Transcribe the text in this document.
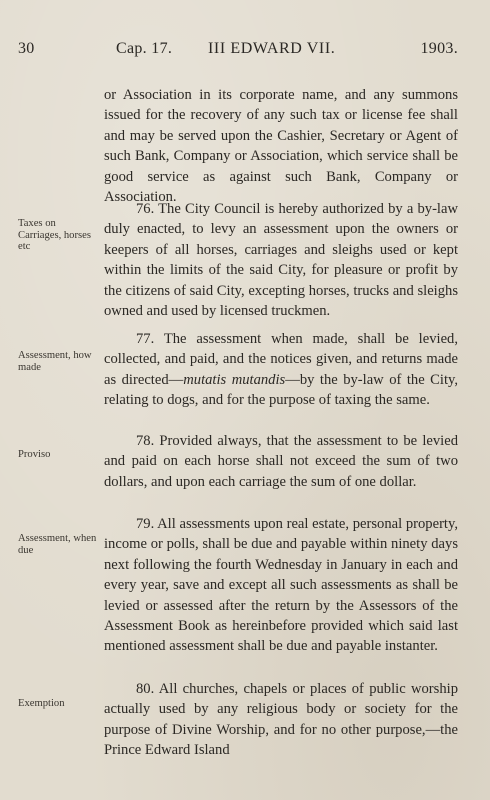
30	Cap. 17. III EDWARD VII.	1903.

or Association in its corporate name, and any summons issued for the recovery of any such tax or license fee shall and may be served upon the Cashier, Secretary or Agent of such Bank, Company or Association, which service shall be good service as against such Bank, Company or Association.

Taxes on Carriages, horses etc

76. The City Council is hereby authorized by a by-law duly enacted, to levy an assessment upon the owners or keepers of all horses, carriages and sleighs used or kept within the limits of the said City, for pleasure or profit by the citizens of said City, excepting horses, trucks and sleighs owned and used by licensed truckmen.

Assessment, how made

77. The assessment when made, shall be levied, collected, and paid, and the notices given, and returns made as directed—mutatis mutandis—by the by-law of the City, relating to dogs, and for the purpose of taxing the same.

Proviso

78. Provided always, that the assessment to be levied and paid on each horse shall not exceed the sum of two dollars, and upon each carriage the sum of one dollar.

Assessment, when due

79. All assessments upon real estate, personal property, income or polls, shall be due and payable within ninety days next following the fourth Wednesday in January in each and every year, save and except all such assessments as shall be levied or assessed after the return by the Assessors of the Assessment Book as hereinbefore provided which said last mentioned assessment shall be due and payable instanter.

Exemption

80. All churches, chapels or places of public worship actually used by any religious body or society for the purpose of Divine Worship, and for no other purpose,—the Prince Edward Island
